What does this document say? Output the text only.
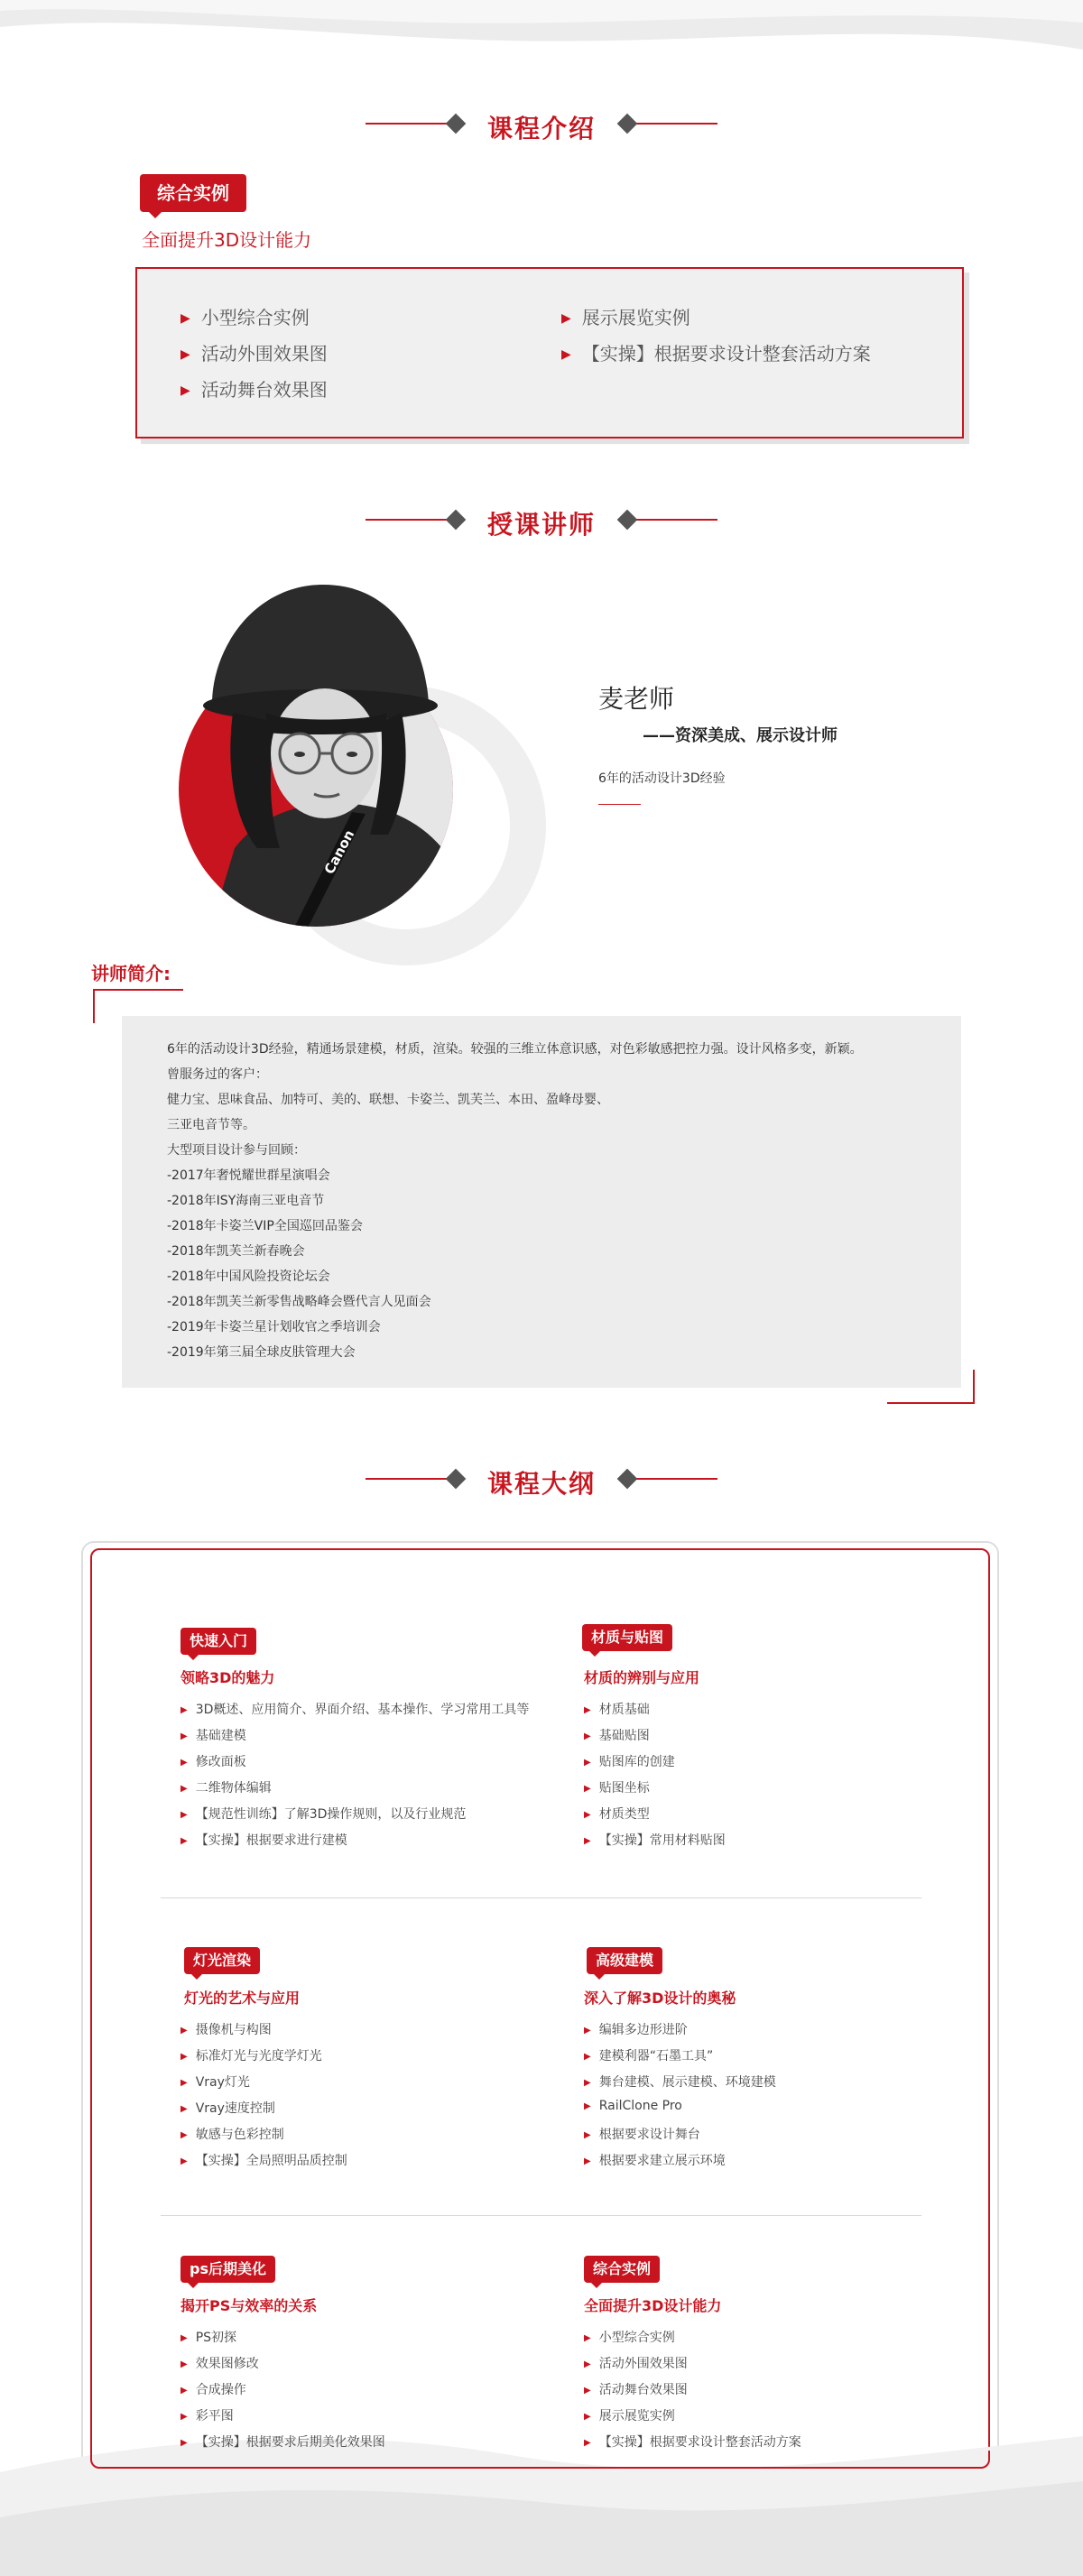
课程介绍
综合实例
全面提升3D设计能力
▶ 小型综合实例
▶ 活动外围效果图
▶ 活动舞台效果图
▶ 展示展览实例
▶ 【实操】根据要求设计整套活动方案
授课讲师
Canon
麦老师
——资深美成、展示设计师
6年的活动设计3D经验
讲师简介:
6年的活动设计3D经验，精通场景建模，材质，渲染。较强的三维立体意识感，对色彩敏感把控力强。设计风格多变，新颖。
曾服务过的客户：
健力宝、思味食品、加特可、美的、联想、卡姿兰、凯芙兰、本田、盈峰母婴、
三亚电音节等。
大型项目设计参与回顾：
-2017年奢悦耀世群星演唱会
-2018年ISY海南三亚电音节
-2018年卡姿兰VIP全国巡回品鉴会
-2018年凯芙兰新春晚会
-2018年中国风险投资论坛会
-2018年凯芙兰新零售战略峰会暨代言人见面会
-2019年卡姿兰星计划收官之季培训会
-2019年第三届全球皮肤管理大会
课程大纲
快速入门
领略3D的魅力
▶ 3D概述、应用简介、界面介绍、基本操作、学习常用工具等
▶ 基础建模
▶ 修改面板
▶ 二维物体编辑
▶ 【规范性训练】了解3D操作规则，以及行业规范
▶ 【实操】根据要求进行建模
材质与贴图
材质的辨别与应用
▶ 材质基础
▶ 基础贴图
▶ 贴图库的创建
▶ 贴图坐标
▶ 材质类型
▶ 【实操】常用材料贴图
灯光渲染
灯光的艺术与应用
▶ 摄像机与构图
▶ 标准灯光与光度学灯光
▶ Vray灯光
▶ Vray速度控制
▶ 敏感与色彩控制
▶ 【实操】全局照明品质控制
高级建模
深入了解3D设计的奥秘
▶ 编辑多边形进阶
▶ 建模利器“石墨工具”
▶ 舞台建模、展示建模、环境建模
▶ RailClone Pro
▶ 根据要求设计舞台
▶ 根据要求建立展示环境
ps后期美化
揭开PS与效率的关系
▶ PS初探
▶ 效果图修改
▶ 合成操作
▶ 彩平图
▶ 【实操】根据要求后期美化效果图
综合实例
全面提升3D设计能力
▶ 小型综合实例
▶ 活动外围效果图
▶ 活动舞台效果图
▶ 展示展览实例
▶ 【实操】根据要求设计整套活动方案
